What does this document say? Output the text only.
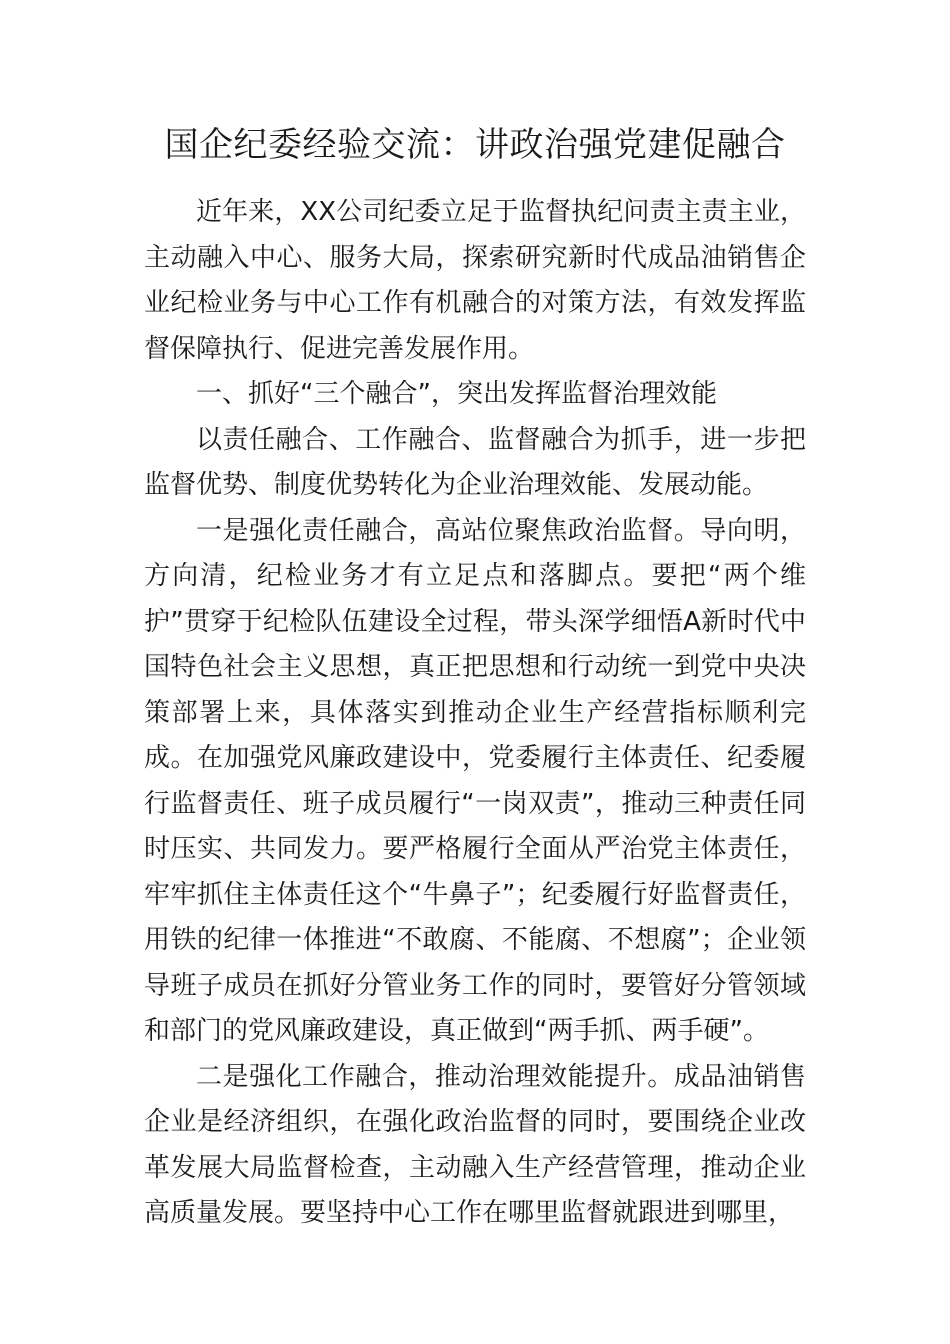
国企纪委经验交流：讲政治强党建促融合

近年来，XX公司纪委立足于监督执纪问责主责主业，主动融入中心、服务大局，探索研究新时代成品油销售企业纪检业务与中心工作有机融合的对策方法，有效发挥监督保障执行、促进完善发展作用。

一、抓好“三个融合”，突出发挥监督治理效能

以责任融合、工作融合、监督融合为抓手，进一步把监督优势、制度优势转化为企业治理效能、发展动能。

一是强化责任融合，高站位聚焦政治监督。导向明，方向清，纪检业务才有立足点和落脚点。要把“两个维护”贯穿于纪检队伍建设全过程，带头深学细悟A新时代中国特色社会主义思想，真正把思想和行动统一到党中央决策部署上来，具体落实到推动企业生产经营指标顺利完成。在加强党风廉政建设中，党委履行主体责任、纪委履行监督责任、班子成员履行“一岗双责”，推动三种责任同时压实、共同发力。要严格履行全面从严治党主体责任，牢牢抓住主体责任这个“牛鼻子”；纪委履行好监督责任，用铁的纪律一体推进“不敢腐、不能腐、不想腐”；企业领导班子成员在抓好分管业务工作的同时，要管好分管领域和部门的党风廉政建设，真正做到“两手抓、两手硬”。

二是强化工作融合，推动治理效能提升。成品油销售企业是经济组织，在强化政治监督的同时，要围绕企业改革发展大局监督检查，主动融入生产经营管理，推动企业高质量发展。要坚持中心工作在哪里监督就跟进到哪里，
